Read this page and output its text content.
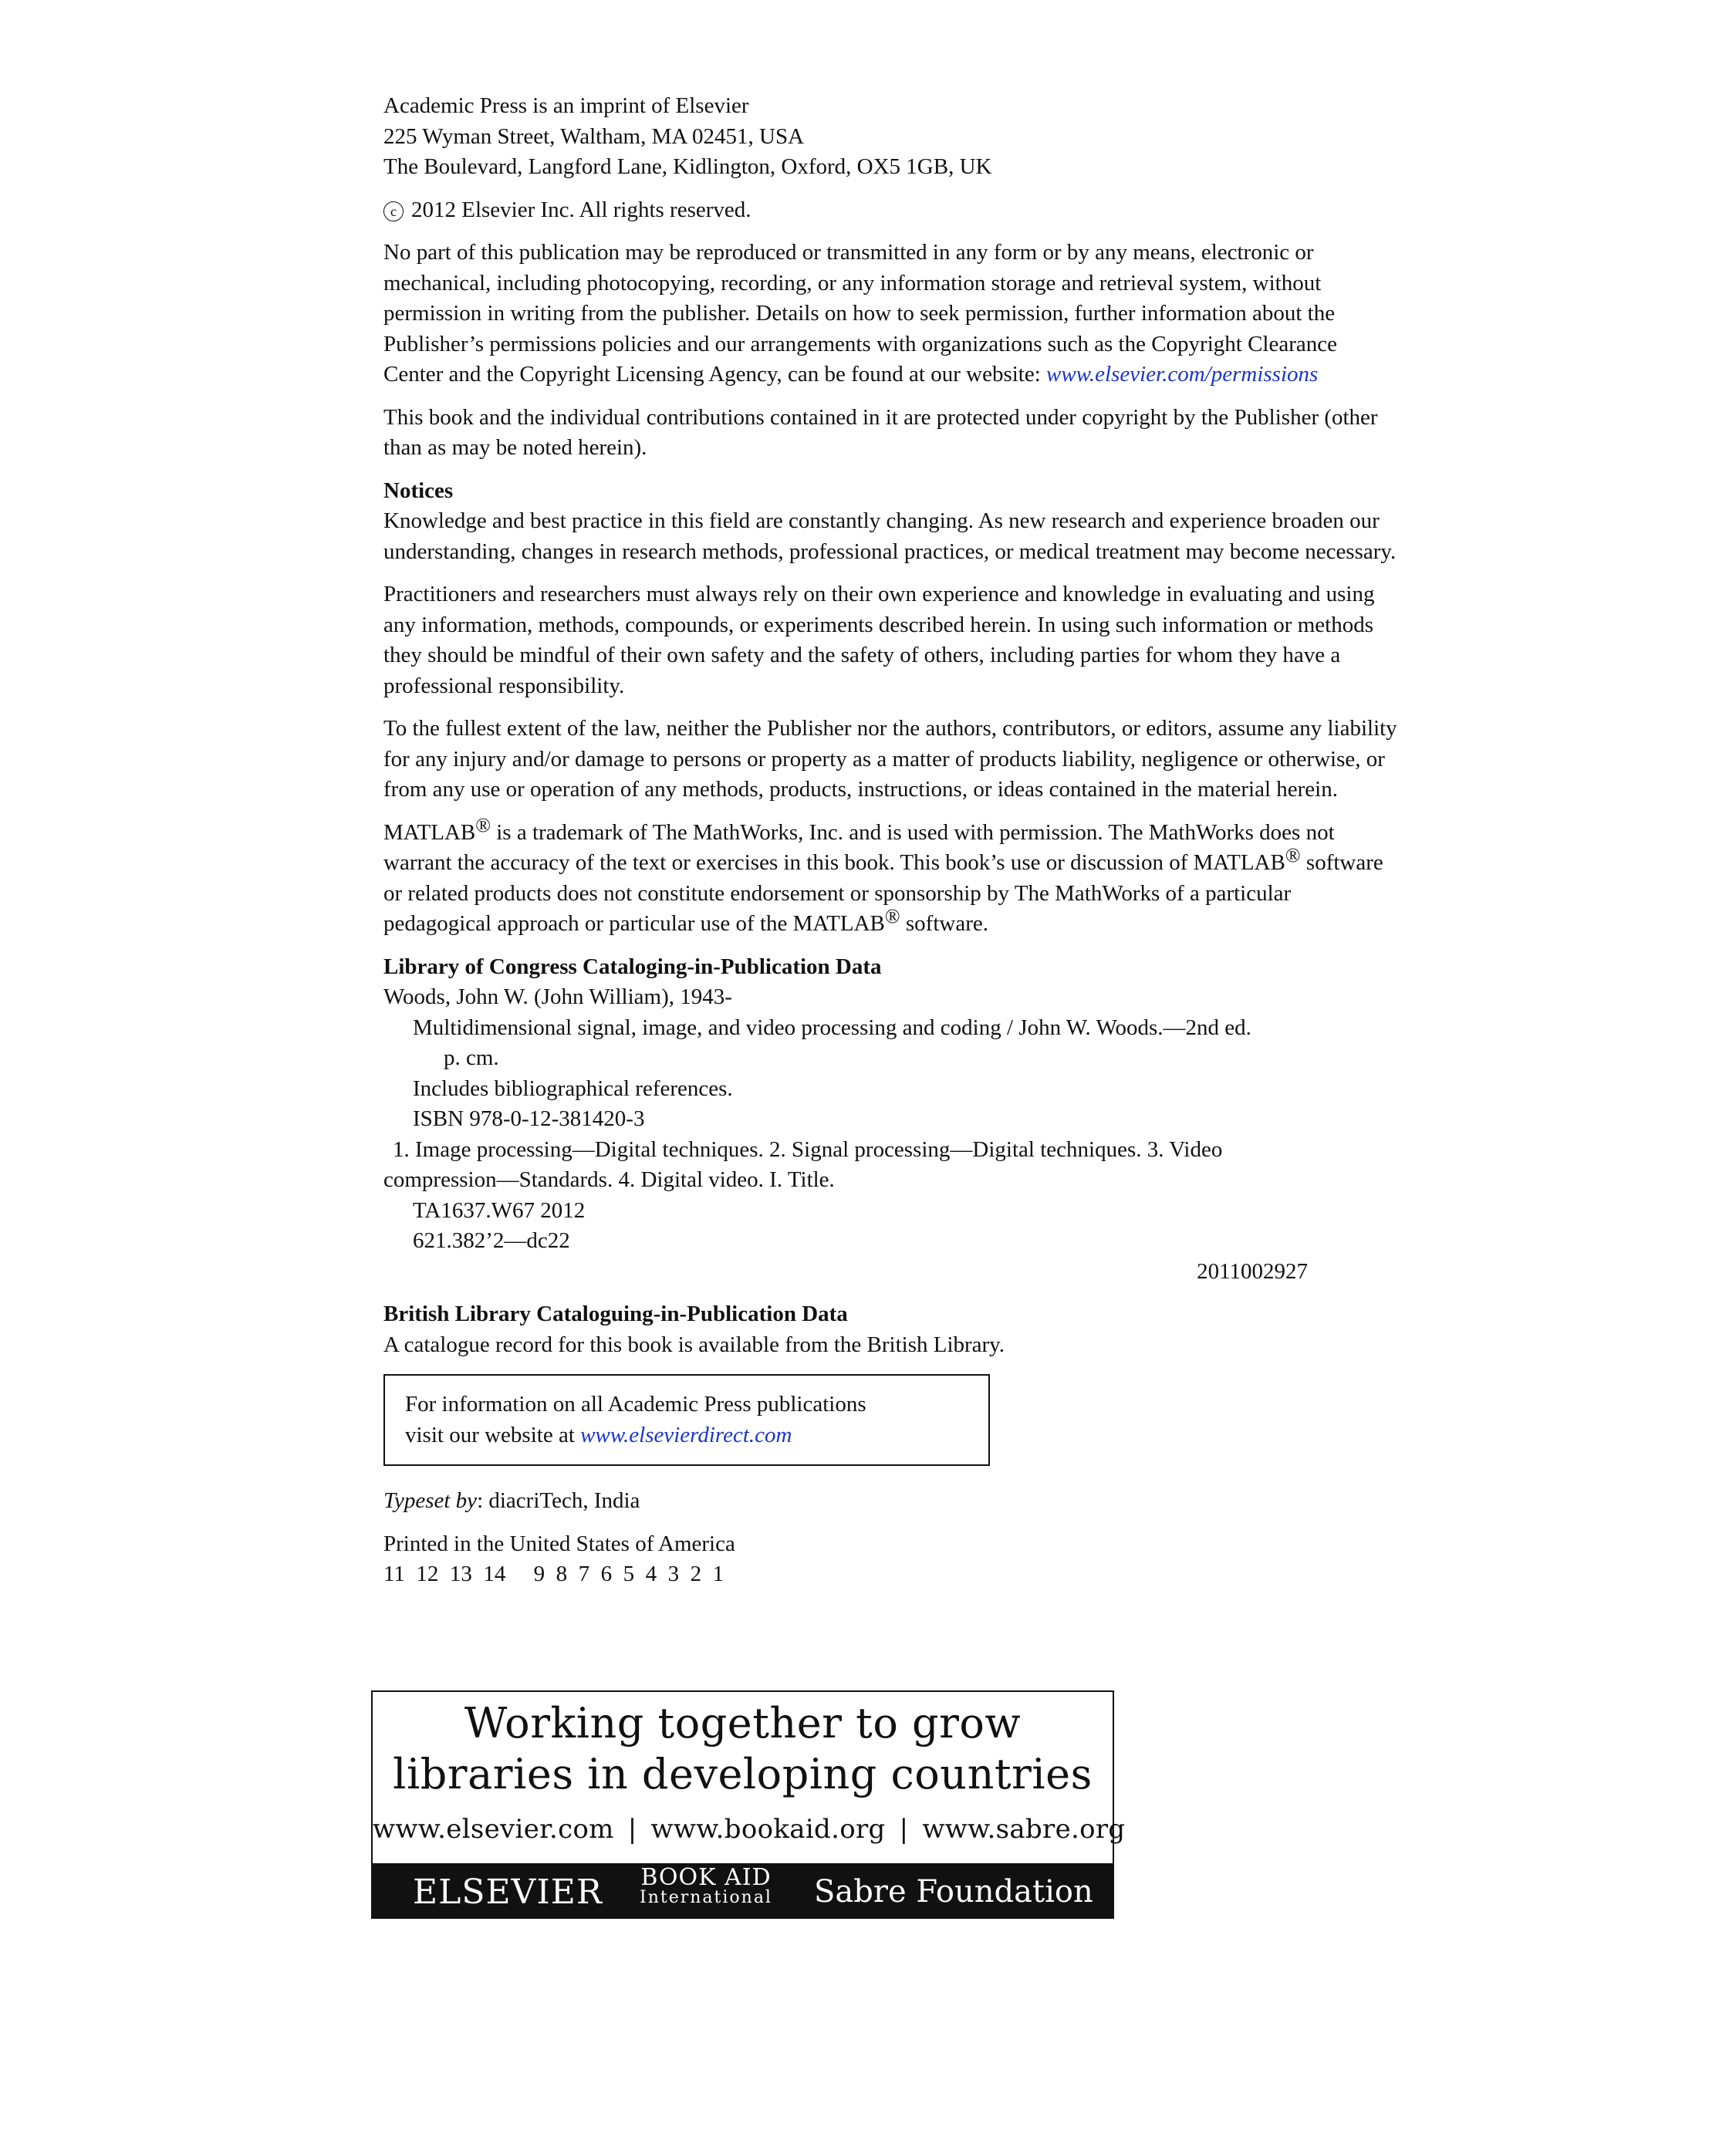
Academic Press is an imprint of Elsevier
225 Wyman Street, Waltham, MA 02451, USA
The Boulevard, Langford Lane, Kidlington, Oxford, OX5 1GB, UK
c 2012 Elsevier Inc. All rights reserved.
No part of this publication may be reproduced or transmitted in any form or by any means, electronic or
mechanical, including photocopying, recording, or any information storage and retrieval system, without
permission in writing from the publisher. Details on how to seek permission, further information about the
Publisher’s permissions policies and our arrangements with organizations such as the Copyright Clearance
Center and the Copyright Licensing Agency, can be found at our website: www.elsevier.com/permissions
This book and the individual contributions contained in it are protected under copyright by the Publisher (other
than as may be noted herein).
Notices
Knowledge and best practice in this field are constantly changing. As new research and experience broaden our
understanding, changes in research methods, professional practices, or medical treatment may become necessary.
Practitioners and researchers must always rely on their own experience and knowledge in evaluating and using
any information, methods, compounds, or experiments described herein. In using such information or methods
they should be mindful of their own safety and the safety of others, including parties for whom they have a
professional responsibility.
To the fullest extent of the law, neither the Publisher nor the authors, contributors, or editors, assume any liability
for any injury and/or damage to persons or property as a matter of products liability, negligence or otherwise, or
from any use or operation of any methods, products, instructions, or ideas contained in the material herein.
MATLAB® is a trademark of The MathWorks, Inc. and is used with permission. The MathWorks does not
warrant the accuracy of the text or exercises in this book. This book’s use or discussion of MATLAB® software
or related products does not constitute endorsement or sponsorship by The MathWorks of a particular
pedagogical approach or particular use of the MATLAB® software.
Library of Congress Cataloging-in-Publication Data
Woods, John W. (John William), 1943-
Multidimensional signal, image, and video processing and coding / John W. Woods.—2nd ed.
p. cm.
Includes bibliographical references.
ISBN 978-0-12-381420-3
1. Image processing—Digital techniques. 2. Signal processing—Digital techniques. 3. Video
compression—Standards. 4. Digital video. I. Title.
TA1637.W67 2012
621.382’2—dc22
2011002927
British Library Cataloguing-in-Publication Data
A catalogue record for this book is available from the British Library.
For information on all Academic Press publications
visit our website at www.elsevierdirect.com
Typeset by: diacriTech, India
Printed in the United States of America
11  12  13  14     9  8  7  6  5  4  3  2  1
Working together to grow
libraries in developing countries
www.elsevier.com | www.bookaid.org | www.sabre.org
ELSEVIER BOOK AID
International Sabre Foundation
